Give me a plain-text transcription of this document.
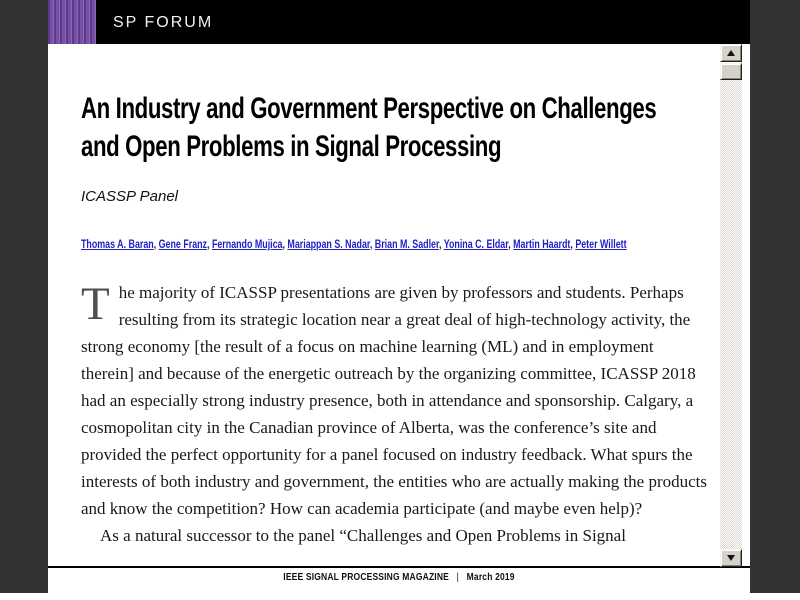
SP FORUM
An Industry and Government Perspective on Challenges
and Open Problems in Signal Processing
ICASSP Panel
Thomas A. Baran, Gene Franz, Fernando Mujica, Mariappan S. Nadar, Brian M. Sadler, Yonina C. Eldar, Martin Haardt, Peter Willett

The majority of ICASSP presentations are given by professors and students. Perhaps resulting from its strategic location near a great deal of high-technology activity, the strong economy [the result of a focus on machine learning (ML) and in employment therein] and because of the energetic outreach by the organizing committee, ICASSP 2018 had an especially strong industry presence, both in attendance and sponsorship. Calgary, a cosmopolitan city in the Canadian province of Alberta, was the conference’s site and provided the perfect opportunity for a panel focused on industry feedback. What spurs the interests of both industry and government, the entities who are actually making the products and know the competition? How can academia participate (and maybe even help)?

As a natural successor to the panel “Challenges and Open Problems in Signal

IEEE SIGNAL PROCESSING MAGAZINE | March 2019
